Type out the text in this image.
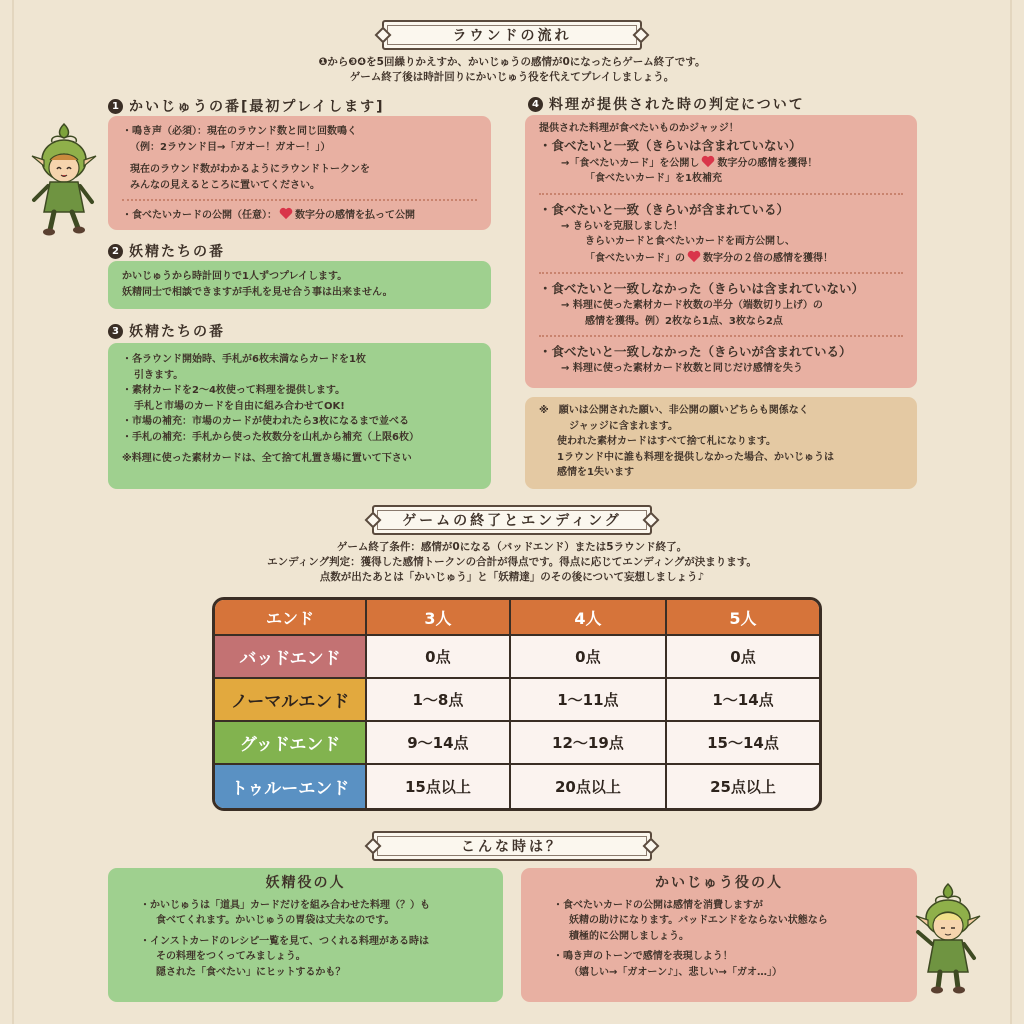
ラウンドの流れ
❶から❸❹を5回繰りかえすか、かいじゅうの感情が0になったらゲーム終了です。
ゲーム終了後は時計回りにかいじゅう役を代えてプレイしましょう。
1 かいじゅうの番[最初プレイします]
・鳴き声（必須）：現在のラウンド数と同じ回数鳴く
（例：2ラウンド目→「ガオー！ガオー！」）
現在のラウンド数がわかるようにラウンドトークンを
みんなの見えるところに置いてください。
・食べたいカードの公開（任意）： 数字分の感情を払って公開
2 妖精たちの番
かいじゅうから時計回りで1人ずつプレイします。
妖精同士で相談できますが手札を見せ合う事は出来ません。
3 妖精たちの番
・各ラウンド開始時、手札が6枚未満ならカードを1枚
引きます。
・素材カードを2～4枚使って料理を提供します。
手札と市場のカードを自由に組み合わせてOK!
・市場の補充：市場のカードが使われたら3枚になるまで並べる
・手札の補充：手札から使った枚数分を山札から補充（上限6枚）
※料理に使った素材カードは、全て捨て札置き場に置いて下さい
4 料理が提供された時の判定について
提供された料理が食べたいものかジャッジ！
・食べたいと一致（きらいは含まれていない）
→「食べたいカード」を公開し 数字分の感情を獲得！
「食べたいカード」を1枚補充
・食べたいと一致（きらいが含まれている）
→ きらいを克服しました！
きらいカードと食べたいカードを両方公開し、
「食べたいカード」の 数字分の２倍の感情を獲得！
・食べたいと一致しなかった（きらいは含まれていない）
→ 料理に使った素材カード枚数の半分（端数切り上げ）の
感情を獲得。例）2枚なら1点、3枚なら2点
・食べたいと一致しなかった（きらいが含まれている）
→ 料理に使った素材カード枚数と同じだけ感情を失う
※　願いは公開された願い、非公開の願いどちらも関係なく
ジャッジに含まれます。
使われた素材カードはすべて捨て札になります。
1ラウンド中に誰も料理を提供しなかった場合、かいじゅうは
感情を1失います
ゲームの終了とエンディング
ゲーム終了条件：感情が0になる（バッドエンド）または5ラウンド終了。
エンディング判定：獲得した感情トークンの合計が得点です。得点に応じてエンディングが決まります。
点数が出たあとは「かいじゅう」と「妖精達」のその後について妄想しましょう♪
エンド	3人	4人	5人
バッドエンド	0点	0点	0点
ノーマルエンド	1〜8点	1〜11点	1〜14点
グッドエンド	9〜14点	12〜19点	15〜14点
トゥルーエンド	15点以上	20点以上	25点以上
こんな時は？
妖精役の人
・かいじゅうは「道具」カードだけを組み合わせた料理（？）も
食べてくれます。かいじゅうの胃袋は丈夫なのです。
・インストカードのレシピ一覧を見て、つくれる料理がある時は
その料理をつくってみましょう。
隠された「食べたい」にヒットするかも？
かいじゅう役の人
・食べたいカードの公開は感情を消費しますが
妖精の助けになります。バッドエンドをならない状態なら
積極的に公開しましょう。
・鳴き声のトーンで感情を表現しよう！
（嬉しい→「ガオーン♪」、悲しい→「ガオ…」）
